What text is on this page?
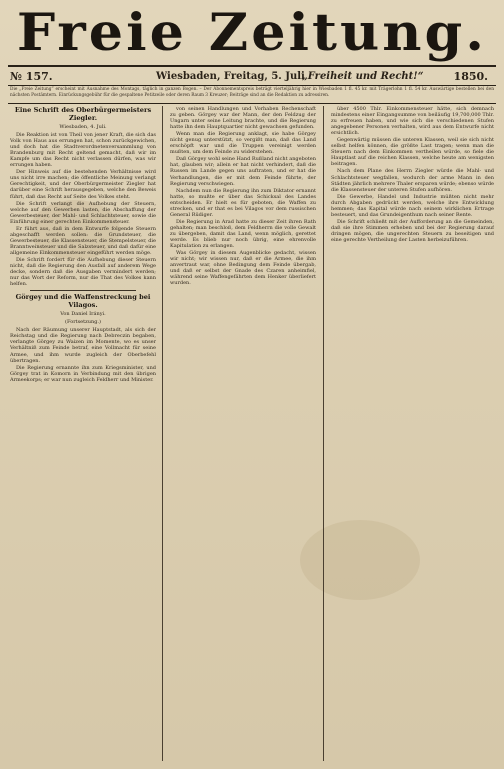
Freie Zeitung.
№ 157.	Wiesbaden, Freitag, 5. Juli
„Freiheit und Recht!“	1850.
Die „Freie Zeitung“ erscheint mit Ausnahme des Montags, täglich in ganzen Bogen. – Der Abonnementspreis beträgt vierteljährig hier in Wiesbaden 1 fl. 45 kr. mit Trägerlohn 1 fl. 54 kr. Auswärtige bestellen bei den nächsten Postämtern. Einrückungsgebühr für die gespaltene Petitzeile oder deren Raum 3 Kreuzer; Beiträge sind an die Redaktion zu adressiren.
Eine Schrift des Oberbürgermeisters Ziegler.

Wiesbaden, 4. Juli.

Die Reaktion ist von Theil von jener Kraft, die sich das Volk von Haus aus errungen hat, schon zurückgewichen, und doch hat die Stadtverordnetenversammlung von Brandenburg mit Recht geltend gemacht, daß wir im Kampfe um das Recht nicht verlassen dürfen, was wir errungen haben.

Der Hinweis auf die bestehenden Verhältnisse wird uns nicht irre machen; die öffentliche Meinung verlangt Gerechtigkeit, und der Oberbürgermeister Ziegler hat darüber eine Schrift herausgegeben, welche den Beweis führt, daß das Recht auf Seite des Volkes steht.

Die Schrift verlangt die Aufhebung der Steuern, welche auf den Gewerben lasten, die Abschaffung der Gewerbesteuer, der Mahl- und Schlachtsteuer, sowie die Einführung einer gerechten Einkommensteuer.

Er führt aus, daß in dem Entwurfe folgende Steuern abgeschafft werden sollen: die Grundsteuer, die Gewerbesteuer, die Klassensteuer, die Stempelsteuer, die Branntweinsteuer und die Salzsteuer, und daß dafür eine allgemeine Einkommensteuer eingeführt werden möge.

Die Schrift fordert für die Aufhebung dieser Steuern nicht, daß die Regierung den Ausfall auf anderem Wege decke, sondern daß die Ausgaben vermindert werden; nur das Wort der Reform, nur die That des Volkes kann helfen.

Görgey und die Waffenstreckung bei Vilagos.

Von Daniel Irányi.

(Fortsetzung.)

Nach der Räumung unserer Hauptstadt, als sich der Reichstag und die Regierung nach Debreczin begaben, verlangte Görgey zu Waizen im Momente, wo es unser Verhältniß zum Feinde betraf, eine Vollmacht für seine Armee, und ihm wurde zugleich der Oberbefehl übertragen.

Die Regierung ernannte ihn zum Kriegsminister, und Görgey trat in Komorn in Verbindung mit den übrigen Armeekorps; er war nun zugleich Feldherr und Minister.

von seinen Handlungen und Vorhaben Rechenschaft zu geben. Görgey war der Mann, der den Feldzug der Ungarn unter seine Leitung brachte, und die Regierung hatte ihn dem Hauptquartier nicht gewachsen gefunden.

Wenn man die Regierung anklagt, sie habe Görgey nicht genug unterstützt, so vergißt man, daß das Land erschöpft war und die Truppen vereinigt werden mußten, um dem Feinde zu widerstehen.

Daß Görgey wohl seine Hand Rußland nicht angeboten hat, glauben wir; allein er hat nicht verhindert, daß die Russen im Lande gegen uns auftraten, und er hat die Verhandlungen, die er mit dem Feinde führte, der Regierung verschwiegen.

Nachdem nun die Regierung ihn zum Diktator ernannt hatte, so mußte er über das Schicksal des Landes entscheiden. Er hielt es für geboten, die Waffen zu strecken, und er that es bei Vilagos vor dem russischen General Rüdiger.

Die Regierung in Arad hatte zu dieser Zeit ihren Rath gehalten; man beschloß, dem Feldherrn die volle Gewalt zu übergeben, damit das Land, wenn möglich, gerettet werde. Es blieb nur noch übrig, eine ehrenvolle Kapitulation zu erlangen.

Was Görgey in diesem Augenblicke gedacht, wissen wir nicht; wir wissen nur, daß er die Armee, die ihm anvertraut war, ohne Bedingung dem Feinde übergab, und daß er selbst der Gnade des Czaren anheimfiel, während seine Waffengefährten dem Henker überliefert wurden.

über 4500 Thlr. Einkommensteuer hätte, sich demnach mindestens einer Eingangsumme von beiläufig 19,700,000 Thlr. zu erfreuen haben, und wie sich die verschiedenen Stufen angegebener Personen verhalten, wird aus dem Entwurfe nicht ersichtlich.

Gegenwärtig müssen die unteren Klassen, weil sie sich nicht selbst helfen können, die größte Last tragen; wenn man die Steuern nach dem Einkommen vertheilen würde, so fiele die Hauptlast auf die reichen Klassen, welche heute am wenigsten beitragen.

Nach dem Plane des Herrn Ziegler würde die Mahl- und Schlachtsteuer wegfallen, wodurch der arme Mann in den Städten jährlich mehrere Thaler ersparen würde; ebenso würde die Klassensteuer der unteren Stufen aufhören.

Die Gewerbe, Handel und Industrie müßten nicht mehr durch Abgaben gedrückt werden, welche ihre Entwicklung hemmen; das Kapital würde nach seinem wirklichen Ertrage besteuert, und das Grundeigenthum nach seiner Rente.

Die Schrift schließt mit der Aufforderung an die Gemeinden, daß sie ihre Stimmen erheben und bei der Regierung darauf dringen mögen, die ungerechten Steuern zu beseitigen und eine gerechte Vertheilung der Lasten herbeizuführen.
